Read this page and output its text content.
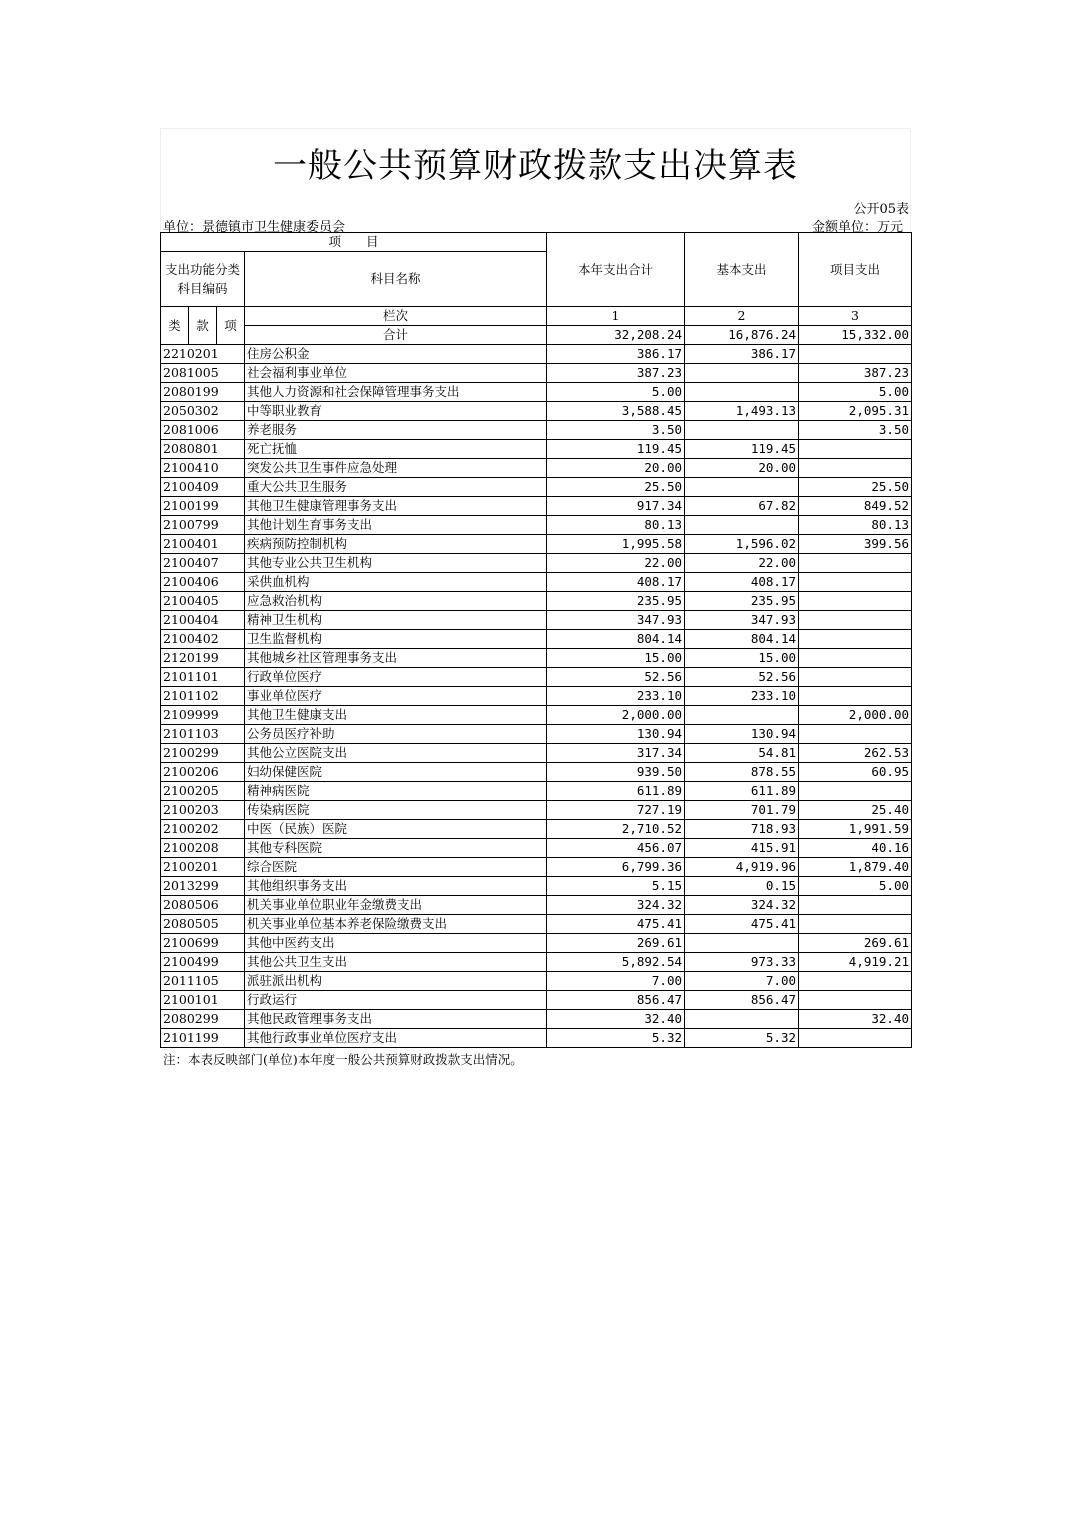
一般公共预算财政拨款支出决算表
公开05表
单位：景德镇市卫生健康委员会	金额单位：万元
项　　目				本年支出合计	基本支出	项目支出
支出功能分类科目编码			科目名称			

类	款	项	栏次	1	2	3
			合计	32,208.24	16,876.24	15,332.00
2210201			住房公积金	386.17	386.17	
2081005			社会福利事业单位	387.23		387.23
2080199			其他人力资源和社会保障管理事务支出	5.00		5.00
2050302			中等职业教育	3,588.45	1,493.13	2,095.31
2081006			养老服务	3.50		3.50
2080801			死亡抚恤	119.45	119.45	
2100410			突发公共卫生事件应急处理	20.00	20.00	
2100409			重大公共卫生服务	25.50		25.50
2100199			其他卫生健康管理事务支出	917.34	67.82	849.52
2100799			其他计划生育事务支出	80.13		80.13
2100401			疾病预防控制机构	1,995.58	1,596.02	399.56
2100407			其他专业公共卫生机构	22.00	22.00	
2100406			采供血机构	408.17	408.17	
2100405			应急救治机构	235.95	235.95	
2100404			精神卫生机构	347.93	347.93	
2100402			卫生监督机构	804.14	804.14	
2120199			其他城乡社区管理事务支出	15.00	15.00	
2101101			行政单位医疗	52.56	52.56	
2101102			事业单位医疗	233.10	233.10	
2109999			其他卫生健康支出	2,000.00		2,000.00
2101103			公务员医疗补助	130.94	130.94	
2100299			其他公立医院支出	317.34	54.81	262.53
2100206			妇幼保健医院	939.50	878.55	60.95
2100205			精神病医院	611.89	611.89	
2100203			传染病医院	727.19	701.79	25.40
2100202			中医（民族）医院	2,710.52	718.93	1,991.59
2100208			其他专科医院	456.07	415.91	40.16
2100201			综合医院	6,799.36	4,919.96	1,879.40
2013299			其他组织事务支出	5.15	0.15	5.00
2080506			机关事业单位职业年金缴费支出	324.32	324.32	
2080505			机关事业单位基本养老保险缴费支出	475.41	475.41	
2100699			其他中医药支出	269.61		269.61
2100499			其他公共卫生支出	5,892.54	973.33	4,919.21
2011105			派驻派出机构	7.00	7.00	
2100101			行政运行	856.47	856.47	
2080299			其他民政管理事务支出	32.40		32.40
2101199			其他行政事业单位医疗支出	5.32	5.32	
注：本表反映部门(单位)本年度一般公共预算财政拨款支出情况。
